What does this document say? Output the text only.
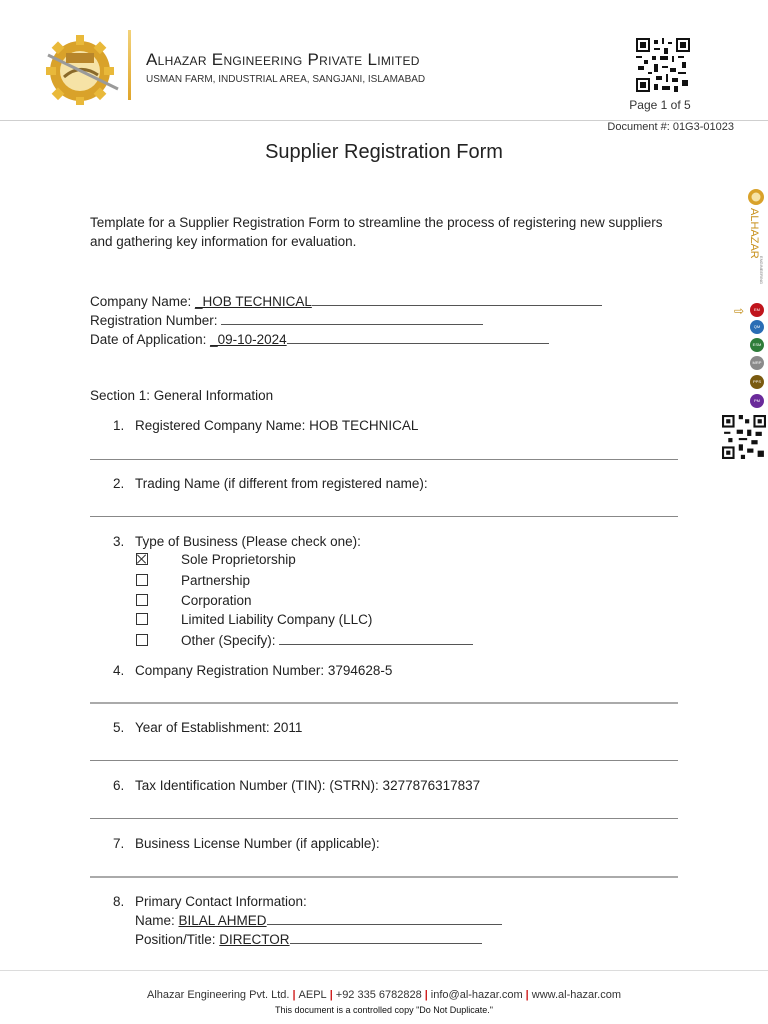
Alhazar Engineering Private Limited
USMAN FARM, INDUSTRIAL AREA, SANGJANI, ISLAMABAD
Page 1 of 5
Document #: 01G3-01023
Supplier Registration Form
Template for a Supplier Registration Form to streamline the process of registering new suppliers and gathering key information for evaluation.
Company Name: _HOB TECHNICAL
Registration Number:
Date of Application: _09-10-2024
Section 1: General Information
1. Registered Company Name: HOB TECHNICAL
2. Trading Name (if different from registered name):
3. Type of Business (Please check one):
Sole Proprietorship
Partnership
Corporation
Limited Liability Company (LLC)
Other (Specify):
4. Company Registration Number: 3794628-5
5. Year of Establishment: 2011
6. Tax Identification Number (TIN): (STRN): 3277876317837
7. Business License Number (if applicable):
8. Primary Contact Information:
Name: BILAL AHMED
Position/Title: DIRECTOR
ALHAZAR
ENGINEERING
⇨	EM
QM
ESM
MRP
PPS
PM
Alhazar Engineering Pvt. Ltd. | AEPL | +92 335 6782828 | info@al-hazar.com | www.al-hazar.com
This document is a controlled copy "Do Not Duplicate."
